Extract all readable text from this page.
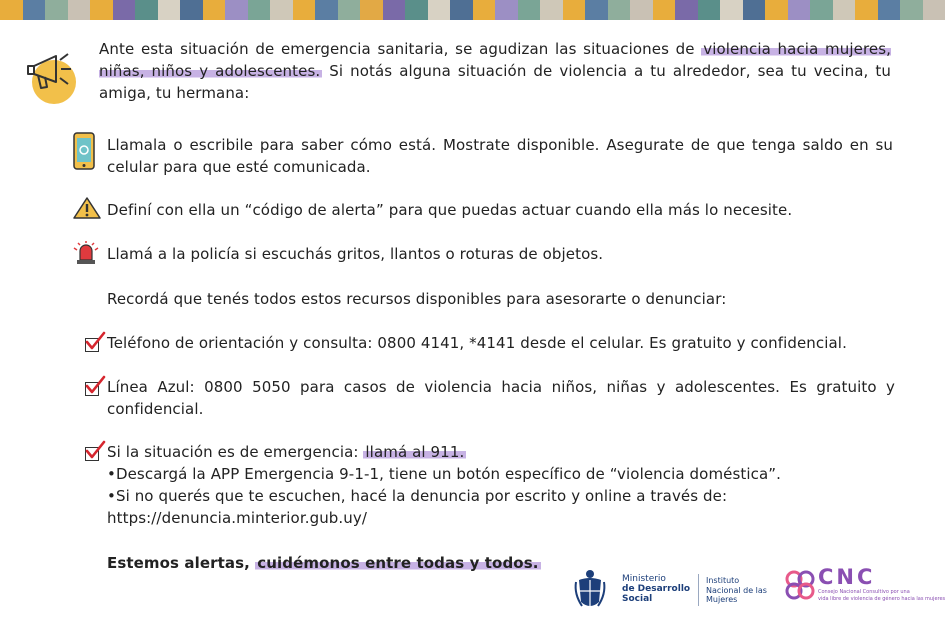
Ante esta situación de emergencia sanitaria, se agudizan las situaciones de violencia hacia mujeres, niñas, niños y adolescentes. Si notás alguna situación de violencia a tu alrededor, sea tu vecina, tu amiga, tu hermana:
Llamala o escribile para saber cómo está. Mostrate disponible. Asegurate de que tenga saldo en su celular para que esté comunicada.
Definí con ella un “código de alerta” para que puedas actuar cuando ella más lo necesite.
Llamá a la policía si escuchás gritos, llantos o roturas de objetos.
Recordá que tenés todos estos recursos disponibles para asesorarte o denunciar:
Teléfono de orientación y consulta: 0800 4141, *4141 desde el celular. Es gratuito y confidencial.
Línea Azul: 0800 5050 para casos de violencia hacia niños, niñas y adolescentes. Es gratuito y confidencial.
Si la situación es de emergencia: llamá al 911.
•Descargá la APP Emergencia 9-1-1, tiene un botón específico de “violencia doméstica”.
•Si no querés que te escuchen, hacé la denuncia por escrito y online a través de:
https://denuncia.minterior.gub.uy/
Estemos alertas, cuidémonos entre todas y todos.
Ministerio
de Desarrollo
Social
Instituto
Nacional de las
Mujeres
CNC
Consejo Nacional Consultivo por una
vida libre de violencia de género hacia las mujeres
